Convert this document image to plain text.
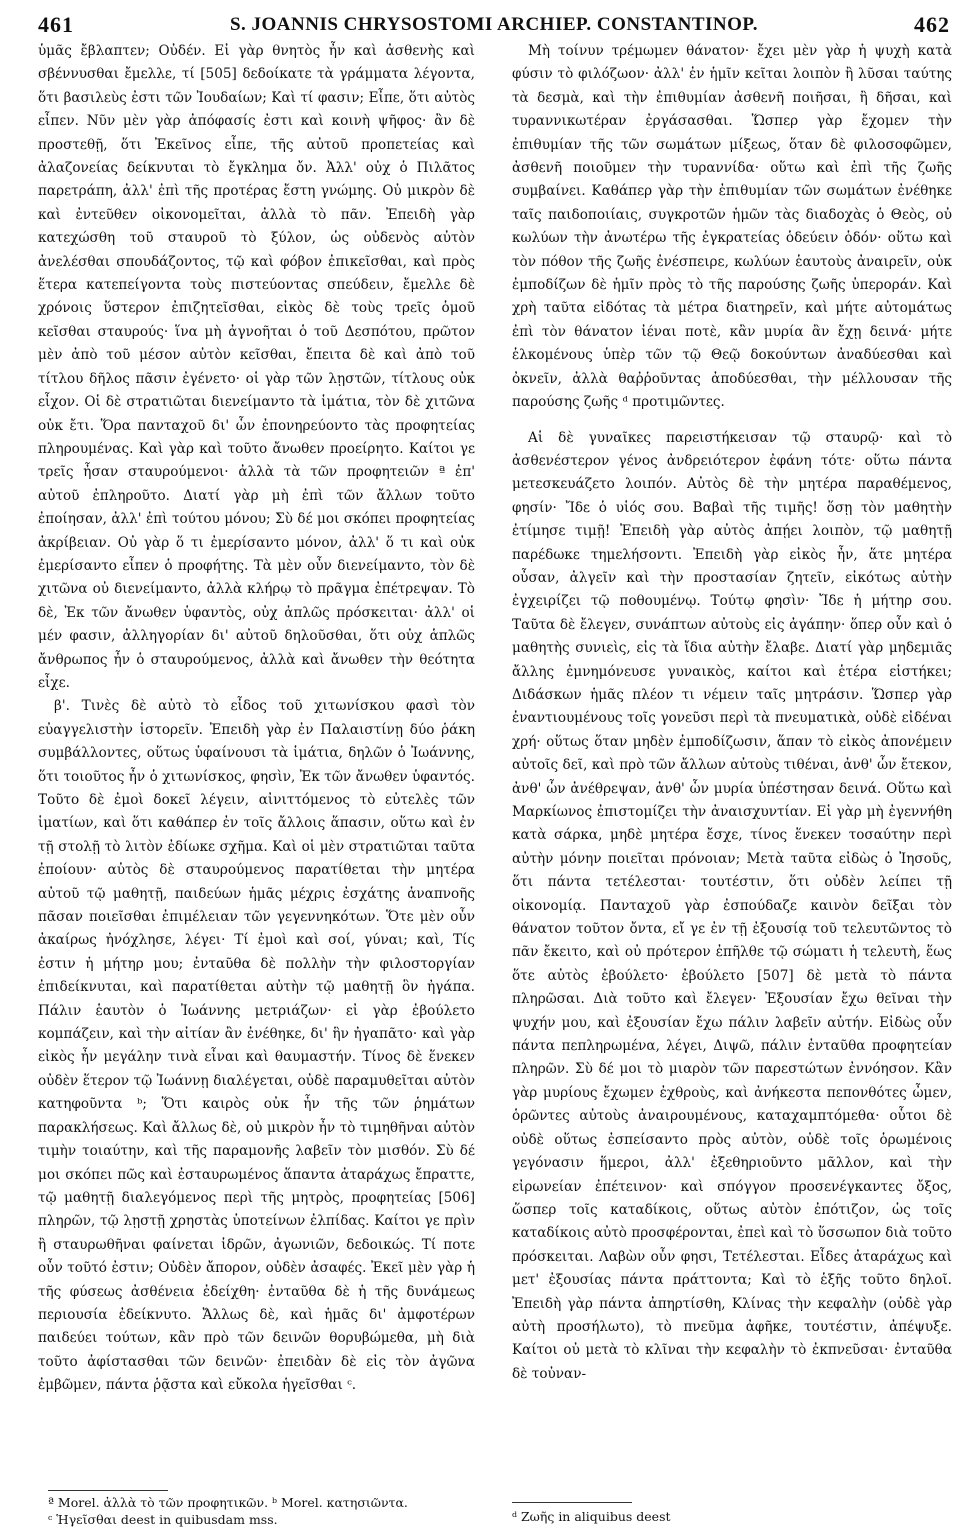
461	S. JOANNIS CHRYSOSTOMI ARCHIEP. CONSTANTINOP.	462

ὑμᾶς ἔβλαπτεν; Οὐδέν. Εἰ γὰρ θνητὸς ἦν καὶ ἀσθενὴς καὶ σβέννυσθαι ἔμελλε, τί [505] δεδοίκατε τὰ γράμματα λέγοντα, ὅτι βασιλεὺς ἐστι τῶν Ἰουδαίων; Καὶ τί φασιν; Εἶπε, ὅτι αὐτὸς εἶπεν. Νῦν μὲν γὰρ ἀπόφασίς ἐστι καὶ κοινὴ ψῆφος· ἂν δὲ προστεθῇ, ὅτι Ἐκεῖνος εἶπε, τῆς αὐτοῦ προπετείας καὶ ἀλαζονείας δείκνυται τὸ ἔγκλημα ὄν. Ἀλλ' οὐχ ὁ Πιλᾶτος παρετράπη, ἀλλ' ἐπὶ τῆς προτέρας ἔστη γνώμης. Οὐ μικρὸν δὲ καὶ ἐντεῦθεν οἰκονομεῖται, ἀλλὰ τὸ πᾶν. Ἐπειδὴ γὰρ κατεχώσθη τοῦ σταυροῦ τὸ ξύλον, ὡς οὐδενὸς αὐτὸν ἀνελέσθαι σπουδάζοντος, τῷ καὶ φόβον ἐπικεῖσθαι, καὶ πρὸς ἕτερα κατεπείγοντα τοὺς πιστεύοντας σπεύδειν, ἔμελλε δὲ χρόνοις ὕστερον ἐπιζητεῖσθαι, εἰκὸς δὲ τοὺς τρεῖς ὁμοῦ κεῖσθαι σταυρούς· ἵνα μὴ ἀγνοῆται ὁ τοῦ Δεσπότου, πρῶτον μὲν ἀπὸ τοῦ μέσον αὐτὸν κεῖσθαι, ἔπειτα δὲ καὶ ἀπὸ τοῦ τίτλου δῆλος πᾶσιν ἐγένετο· οἱ γὰρ τῶν λῃστῶν, τίτλους οὐκ εἶχον. Οἱ δὲ στρατιῶται διενείμαντο τὰ ἱμάτια, τὸν δὲ χιτῶνα οὐκ ἔτι. Ὅρα πανταχοῦ δι' ὧν ἐπονηρεύοντο τὰς προφητείας πληρουμένας. Καὶ γὰρ καὶ τοῦτο ἄνωθεν προείρητο. Καίτοι γε τρεῖς ἦσαν σταυρούμενοι· ἀλλὰ τὰ τῶν προφητειῶν ª ἐπ' αὐτοῦ ἐπληροῦτο. Διατί γὰρ μὴ ἐπὶ τῶν ἄλλων τοῦτο ἐποίησαν, ἀλλ' ἐπὶ τούτου μόνου; Σὺ δέ μοι σκόπει προφητείας ἀκρίβειαν. Οὐ γὰρ ὅ τι ἐμερίσαντο μόνον, ἀλλ' ὅ τι καὶ οὐκ ἐμερίσαντο εἶπεν ὁ προφήτης. Τὰ μὲν οὖν διενείμαντο, τὸν δὲ χιτῶνα οὐ διενείμαντο, ἀλλὰ κλήρῳ τὸ πρᾶγμα ἐπέτρεψαν. Τὸ δὲ, Ἐκ τῶν ἄνωθεν ὑφαντὸς, οὐχ ἁπλῶς πρόσκειται· ἀλλ' οἱ μέν φασιν, ἀλληγορίαν δι' αὐτοῦ δηλοῦσθαι, ὅτι οὐχ ἁπλῶς ἄνθρωπος ἦν ὁ σταυρούμενος, ἀλλὰ καὶ ἄνωθεν τὴν θεότητα εἶχε.

β'. Τινὲς δὲ αὐτὸ τὸ εἶδος τοῦ χιτωνίσκου φασὶ τὸν εὐαγγελιστὴν ἱστορεῖν. Ἐπειδὴ γὰρ ἐν Παλαιστίνῃ δύο ῥάκη συμβάλλοντες, οὕτως ὑφαίνουσι τὰ ἱμάτια, δηλῶν ὁ Ἰωάννης, ὅτι τοιοῦτος ἦν ὁ χιτωνίσκος, φησὶν, Ἐκ τῶν ἄνωθεν ὑφαντός. Τοῦτο δὲ ἐμοὶ δοκεῖ λέγειν, αἰνιττόμενος τὸ εὐτελὲς τῶν ἱματίων, καὶ ὅτι καθάπερ ἐν τοῖς ἄλλοις ἅπασιν, οὕτω καὶ ἐν τῇ στολῇ τὸ λιτὸν ἐδίωκε σχῆμα. Καὶ οἱ μὲν στρατιῶται ταῦτα ἐποίουν· αὐτὸς δὲ σταυρούμενος παρατίθεται τὴν μητέρα αὐτοῦ τῷ μαθητῇ, παιδεύων ἡμᾶς μέχρις ἐσχάτης ἀναπνοῆς πᾶσαν ποιεῖσθαι ἐπιμέλειαν τῶν γεγεννηκότων. Ὅτε μὲν οὖν ἀκαίρως ἠνόχλησε, λέγει· Τί ἐμοὶ καὶ σοί, γύναι; καὶ, Τίς ἐστιν ἡ μήτηρ μου; ἐνταῦθα δὲ πολλὴν τὴν φιλοστοργίαν ἐπιδείκνυται, καὶ παρατίθεται αὐτὴν τῷ μαθητῇ ὃν ἠγάπα. Πάλιν ἑαυτὸν ὁ Ἰωάννης μετριάζων· εἰ γὰρ ἐβούλετο κομπάζειν, καὶ τὴν αἰτίαν ἂν ἐνέθηκε, δι' ἣν ἠγαπᾶτο· καὶ γὰρ εἰκὸς ἦν μεγάλην τινὰ εἶναι καὶ θαυμαστήν. Τίνος δὲ ἕνεκεν οὐδὲν ἕτερον τῷ Ἰωάννῃ διαλέγεται, οὐδὲ παραμυθεῖται αὐτὸν κατηφοῦντα ᵇ; Ὅτι καιρὸς οὐκ ἦν τῆς τῶν ῥημάτων παρακλήσεως. Καὶ ἄλλως δὲ, οὐ μικρὸν ἦν τὸ τιμηθῆναι αὐτὸν τιμὴν τοιαύτην, καὶ τῆς παραμονῆς λαβεῖν τὸν μισθόν. Σὺ δέ μοι σκόπει πῶς καὶ ἐσταυρωμένος ἅπαντα ἀταράχως ἔπραττε, τῷ μαθητῇ διαλεγόμενος περὶ τῆς μητρὸς, προφητείας [506] πληρῶν, τῷ λῃστῇ χρηστὰς ὑποτείνων ἐλπίδας. Καίτοι γε πρὶν ἢ σταυρωθῆναι φαίνεται ἱδρῶν, ἀγωνιῶν, δεδοικώς. Τί ποτε οὖν τοῦτό ἐστιν; Οὐδὲν ἄπορον, οὐδὲν ἀσαφές. Ἐκεῖ μὲν γὰρ ἡ τῆς φύσεως ἀσθένεια ἐδείχθη· ἐνταῦθα δὲ ἡ τῆς δυνάμεως περιουσία ἐδείκνυτο. Ἄλλως δὲ, καὶ ἡμᾶς δι' ἀμφοτέρων παιδεύει τούτων, κἂν πρὸ τῶν δεινῶν θορυβώμεθα, μὴ διὰ τοῦτο ἀφίστασθαι τῶν δεινῶν· ἐπειδὰν δὲ εἰς τὸν ἀγῶνα ἐμβῶμεν, πάντα ῥᾷστα καὶ εὔκολα ἡγεῖσθαι ᶜ.

Μὴ τοίνυν τρέμωμεν θάνατον· ἔχει μὲν γὰρ ἡ ψυχὴ κατὰ φύσιν τὸ φιλόζωον· ἀλλ' ἐν ἡμῖν κεῖται λοιπὸν ἢ λῦσαι ταύτης τὰ δεσμὰ, καὶ τὴν ἐπιθυμίαν ἀσθενῆ ποιῆσαι, ἢ δῆσαι, καὶ τυραννικωτέραν ἐργάσασθαι. Ὥσπερ γὰρ ἔχομεν τὴν ἐπιθυμίαν τῆς τῶν σωμάτων μίξεως, ὅταν δὲ φιλοσοφῶμεν, ἀσθενῆ ποιοῦμεν τὴν τυραννίδα· οὕτω καὶ ἐπὶ τῆς ζωῆς συμβαίνει. Καθάπερ γὰρ τὴν ἐπιθυμίαν τῶν σωμάτων ἐνέθηκε ταῖς παιδοποιίαις, συγκροτῶν ἡμῶν τὰς διαδοχὰς ὁ Θεὸς, οὐ κωλύων τὴν ἀνωτέρω τῆς ἐγκρατείας ὁδεύειν ὁδόν· οὕτω καὶ τὸν πόθον τῆς ζωῆς ἐνέσπειρε, κωλύων ἑαυτοὺς ἀναιρεῖν, οὐκ ἐμποδίζων δὲ ἡμῖν πρὸς τὸ τῆς παρούσης ζωῆς ὑπεροράν. Καὶ χρὴ ταῦτα εἰδότας τὰ μέτρα διατηρεῖν, καὶ μήτε αὐτομάτως ἐπὶ τὸν θάνατον ἰέναι ποτὲ, κἂν μυρία ἂν ἔχῃ δεινά· μήτε ἑλκομένους ὑπὲρ τῶν τῷ Θεῷ δοκούντων ἀναδύεσθαι καὶ ὀκνεῖν, ἀλλὰ θαῤῥοῦντας ἀποδύεσθαι, τὴν μέλλουσαν τῆς παρούσης ζωῆς ᵈ προτιμῶντες.

Αἱ δὲ γυναῖκες παρειστήκεισαν τῷ σταυρῷ· καὶ τὸ ἀσθενέστερον γένος ἀνδρειότερον ἐφάνη τότε· οὕτω πάντα μετεσκευάζετο λοιπόν. Αὐτὸς δὲ τὴν μητέρα παραθέμενος, φησίν· Ἴδε ὁ υἱός σου. Βαβαὶ τῆς τιμῆς! ὅσῃ τὸν μαθητὴν ἐτίμησε τιμῇ! Ἐπειδὴ γὰρ αὐτὸς ἀπῄει λοιπὸν, τῷ μαθητῇ παρέδωκε τημελήσοντι. Ἐπειδὴ γὰρ εἰκὸς ἦν, ἅτε μητέρα οὖσαν, ἀλγεῖν καὶ τὴν προστασίαν ζητεῖν, εἰκότως αὐτὴν ἐγχειρίζει τῷ ποθουμένῳ. Τούτῳ φησὶν· Ἴδε ἡ μήτηρ σου. Ταῦτα δὲ ἔλεγεν, συνάπτων αὐτοὺς εἰς ἀγάπην· ὅπερ οὖν καὶ ὁ μαθητὴς συνιεὶς, εἰς τὰ ἴδια αὐτὴν ἔλαβε. Διατί γὰρ μηδεμιᾶς ἄλλης ἐμνημόνευσε γυναικὸς, καίτοι καὶ ἑτέρα εἱστήκει; Διδάσκων ἡμᾶς πλέον τι νέμειν ταῖς μητράσιν. Ὥσπερ γὰρ ἐναντιουμένους τοῖς γονεῦσι περὶ τὰ πνευματικὰ, οὐδὲ εἰδέναι χρή· οὕτως ὅταν μηδὲν ἐμποδίζωσιν, ἅπαν τὸ εἰκὸς ἀπονέμειν αὐτοῖς δεῖ, καὶ πρὸ τῶν ἄλλων αὐτοὺς τιθέναι, ἀνθ' ὧν ἔτεκον, ἀνθ' ὧν ἀνέθρεψαν, ἀνθ' ὧν μυρία ὑπέστησαν δεινά. Οὕτω καὶ Μαρκίωνος ἐπιστομίζει τὴν ἀναισχυντίαν. Εἰ γὰρ μὴ ἐγεννήθη κατὰ σάρκα, μηδὲ μητέρα ἔσχε, τίνος ἕνεκεν τοσαύτην περὶ αὐτὴν μόνην ποιεῖται πρόνοιαν; Μετὰ ταῦτα εἰδὼς ὁ Ἰησοῦς, ὅτι πάντα τετέλεσται· τουτέστιν, ὅτι οὐδὲν λείπει τῇ οἰκονομίᾳ. Πανταχοῦ γὰρ ἐσπούδαζε καινὸν δεῖξαι τὸν θάνατον τοῦτον ὄντα, εἴ γε ἐν τῇ ἐξουσίᾳ τοῦ τελευτῶντος τὸ πᾶν ἔκειτο, καὶ οὐ πρότερον ἐπῆλθε τῷ σώματι ἡ τελευτὴ, ἕως ὅτε αὐτὸς ἐβούλετο· ἐβούλετο [507] δὲ μετὰ τὸ πάντα πληρῶσαι. Διὰ τοῦτο καὶ ἔλεγεν· Ἐξουσίαν ἔχω θεῖναι τὴν ψυχήν μου, καὶ ἐξουσίαν ἔχω πάλιν λαβεῖν αὐτήν. Εἰδὼς οὖν πάντα πεπληρωμένα, λέγει, Διψῶ, πάλιν ἐνταῦθα προφητείαν πληρῶν. Σὺ δέ μοι τὸ μιαρὸν τῶν παρεστώτων ἐννόησον. Κἂν γὰρ μυρίους ἔχωμεν ἐχθροὺς, καὶ ἀνήκεστα πεπονθότες ὦμεν, ὁρῶντες αὐτοὺς ἀναιρουμένους, καταχαμπτόμεθα· οὗτοι δὲ οὐδὲ οὕτως ἐσπείσαντο πρὸς αὐτὸν, οὐδὲ τοῖς ὁρωμένοις γεγόνασιν ἥμεροι, ἀλλ' ἐξεθηριοῦντο μᾶλλον, καὶ τὴν εἰρωνείαν ἐπέτεινον· καὶ σπόγγον προσενέγκαντες ὄξος, ὥσπερ τοῖς καταδίκοις, οὕτως αὐτὸν ἐπότιζον, ὡς τοῖς καταδίκοις αὐτὸ προσφέρονται, ἐπεὶ καὶ τὸ ὕσσωπον διὰ τοῦτο πρόσκειται. Λαβὼν οὖν φησι, Τετέλεσται. Εἶδες ἀταράχως καὶ μετ' ἐξουσίας πάντα πράττοντα; Καὶ τὸ ἑξῆς τοῦτο δηλοῖ. Ἐπειδὴ γὰρ πάντα ἀπηρτίσθη, Κλίνας τὴν κεφαλὴν (οὐδὲ γὰρ αὐτὴ προσήλωτο), τὸ πνεῦμα ἀφῆκε, τουτέστιν, ἀπέψυξε. Καίτοι οὐ μετὰ τὸ κλῖναι τὴν κεφαλὴν τὸ ἐκπνεῦσαι· ἐνταῦθα δὲ τοὐναν-

ª Morel. ἀλλὰ τὸ τῶν προφητικῶν. ᵇ Morel. κατησιῶντα.
ᶜ Ἡγεῖσθαι deest in quibusdam mss.	ᵈ Ζωῆς in aliquibus deest
